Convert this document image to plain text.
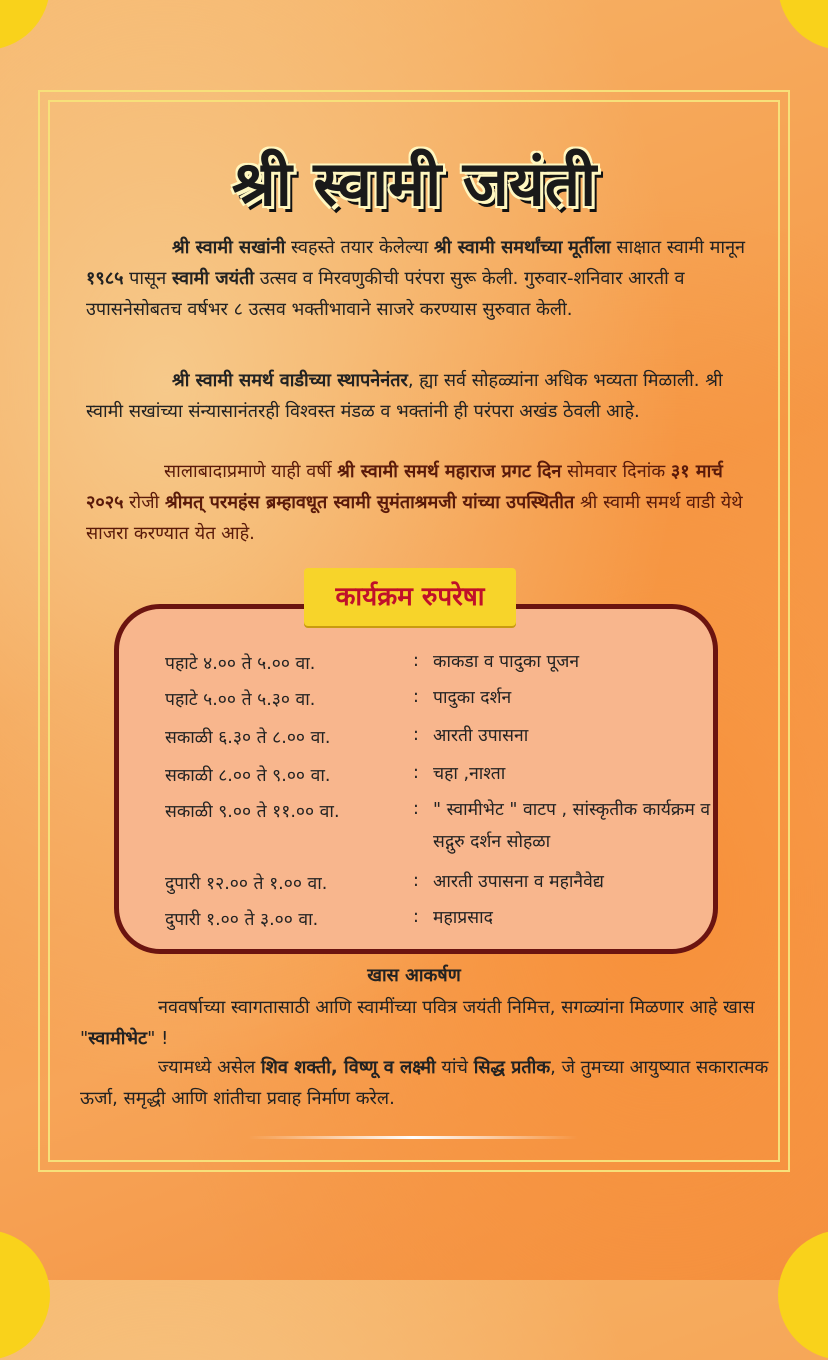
श्री स्वामी जयंती
श्री स्वामी सखांनी स्वहस्ते तयार केलेल्या श्री स्वामी समर्थांच्या मूर्तीला साक्षात स्वामी मानून १९८५ पासून स्वामी जयंती उत्सव व मिरवणुकीची परंपरा सुरू केली. गुरुवार-शनिवार आरती व उपासनेसोबतच वर्षभर ८ उत्सव भक्तीभावाने साजरे करण्यास सुरुवात केली.
श्री स्वामी समर्थ वाडीच्या स्थापनेनंतर, ह्या सर्व सोहळ्यांना अधिक भव्यता मिळाली. श्री स्वामी सखांच्या संन्यासानंतरही विश्वस्त मंडळ व भक्तांनी ही परंपरा अखंड ठेवली आहे.
सालाबादाप्रमाणे याही वर्षी श्री स्वामी समर्थ महाराज प्रगट दिन सोमवार दिनांक ३१ मार्च २०२५ रोजी श्रीमत् परमहंस ब्रम्हावधूत स्वामी सुमंताश्रमजी यांच्या उपस्थितीत श्री स्वामी समर्थ वाडी येथे साजरा करण्यात येत आहे.
पहाटे ४.०० ते ५.०० वा.	: काकडा व पादुका पूजन
पहाटे ५.०० ते ५.३० वा.	: पादुका दर्शन
सकाळी ६.३० ते ८.०० वा.	: आरती उपासना
सकाळी ८.०० ते ९.०० वा.	: चहा ,नाश्ता
सकाळी ९.०० ते ११.०० वा.	: " स्वामीभेट " वाटप , सांस्कृतीक कार्यक्रम व सद्गुरु दर्शन सोहळा
दुपारी १२.०० ते १.०० वा.	: आरती उपासना व महानैवेद्य
दुपारी १.०० ते ३.०० वा.	: महाप्रसाद
कार्यक्रम रुपरेषा
खास आकर्षण
नववर्षाच्या स्वागतासाठी आणि स्वामींच्या पवित्र जयंती निमित्त, सगळ्यांना मिळणार आहे खास "स्वामीभेट" !
ज्यामध्ये असेल शिव शक्ती, विष्णू व लक्ष्मी यांचे सिद्ध प्रतीक, जे तुमच्या आयुष्यात सकारात्मक ऊर्जा, समृद्धी आणि शांतीचा प्रवाह निर्माण करेल.
